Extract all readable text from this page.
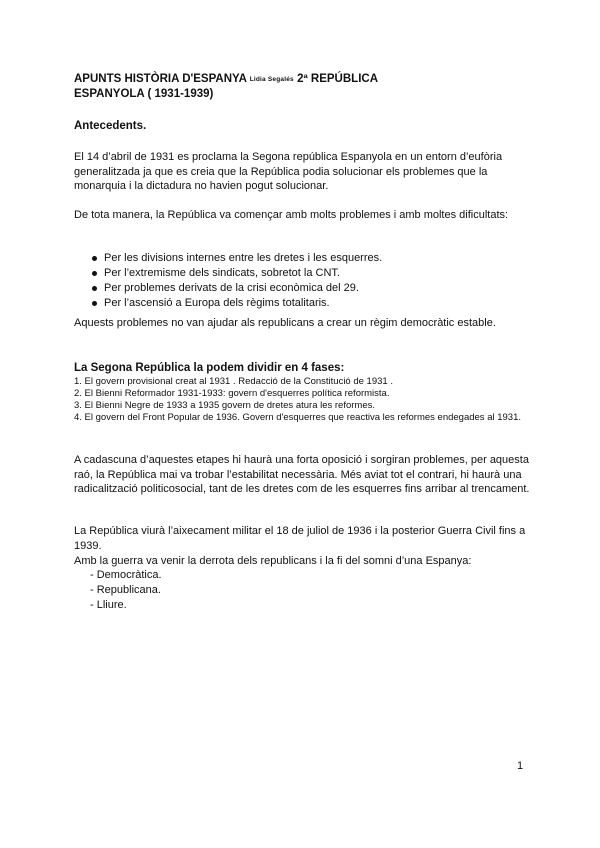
APUNTS HISTÒRIA D'ESPANYA Lidia Segalés 2ª REPÚBLICA
ESPANYOLA ( 1931-1939)
Antecedents.
El 14 d’abril de 1931 es proclama la Segona república Espanyola en un entorn d’eufòria generalitzada ja que es creia que la República podia solucionar els problemes que la monarquia i la dictadura no havien pogut solucionar.
De tota manera, la República va començar amb molts problemes i amb moltes dificultats:
Per les divisions internes entre les dretes i les esquerres.
Per l’extremisme dels sindicats, sobretot la CNT.
Per problemes derivats de la crisi econòmica del 29.
Per l’ascensió a Europa dels règims totalitaris.
Aquests problemes no van ajudar als republicans a crear un règim democràtic estable.
La Segona República la podem dividir en 4 fases:
1. El govern provisional creat al 1931 . Redacció de la Constitució de 1931 .
2. El Bienni Reformador 1931-1933: govern d'esquerres política reformista.
3. El Bienni Negre de 1933 a 1935 govern de dretes atura les reformes.
4. El govern del Front Popular de 1936. Govern d'esquerres que reactiva les reformes endegades al 1931.
A cadascuna d’aquestes etapes hi haurà una forta oposició i sorgiran problemes, per aquesta raó, la República mai va trobar l’estabilitat necessària. Més aviat tot el contrari, hi haurà una radicalització politicosocial, tant de les dretes com de les esquerres fins arribar al trencament.
La República viurà l’aixecament militar el 18 de juliol de 1936 i la posterior Guerra Civil fins a 1939.
Amb la guerra va venir la derrota dels republicans i la fi del somni d’una Espanya:
- Democràtica.
- Republicana.
- Lliure.
1
